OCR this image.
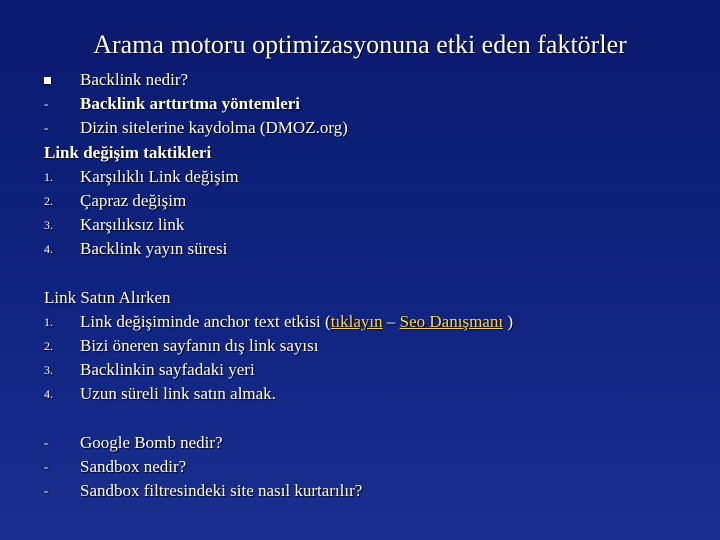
Arama motoru optimizasyonuna etki eden faktörler
Backlink nedir?
-	Backlink arttırtma yöntemleri
-	Dizin sitelerine kaydolma (DMOZ.org)
Link değişim taktikleri
1.	Karşılıklı Link değişim
2.	Çapraz değişim
3.	Karşılıksız link
4.	Backlink yayın süresi
Link Satın Alırken
1.	Link değişiminde anchor text etkisi (tıklayın – Seo Danışmanı )
2.	Bizi öneren sayfanın dış link sayısı
3.	Backlinkin sayfadaki yeri
4.	Uzun süreli link satın almak.
-	Google Bomb nedir?
-	Sandbox nedir?
-	Sandbox filtresindeki site nasıl kurtarılır?
